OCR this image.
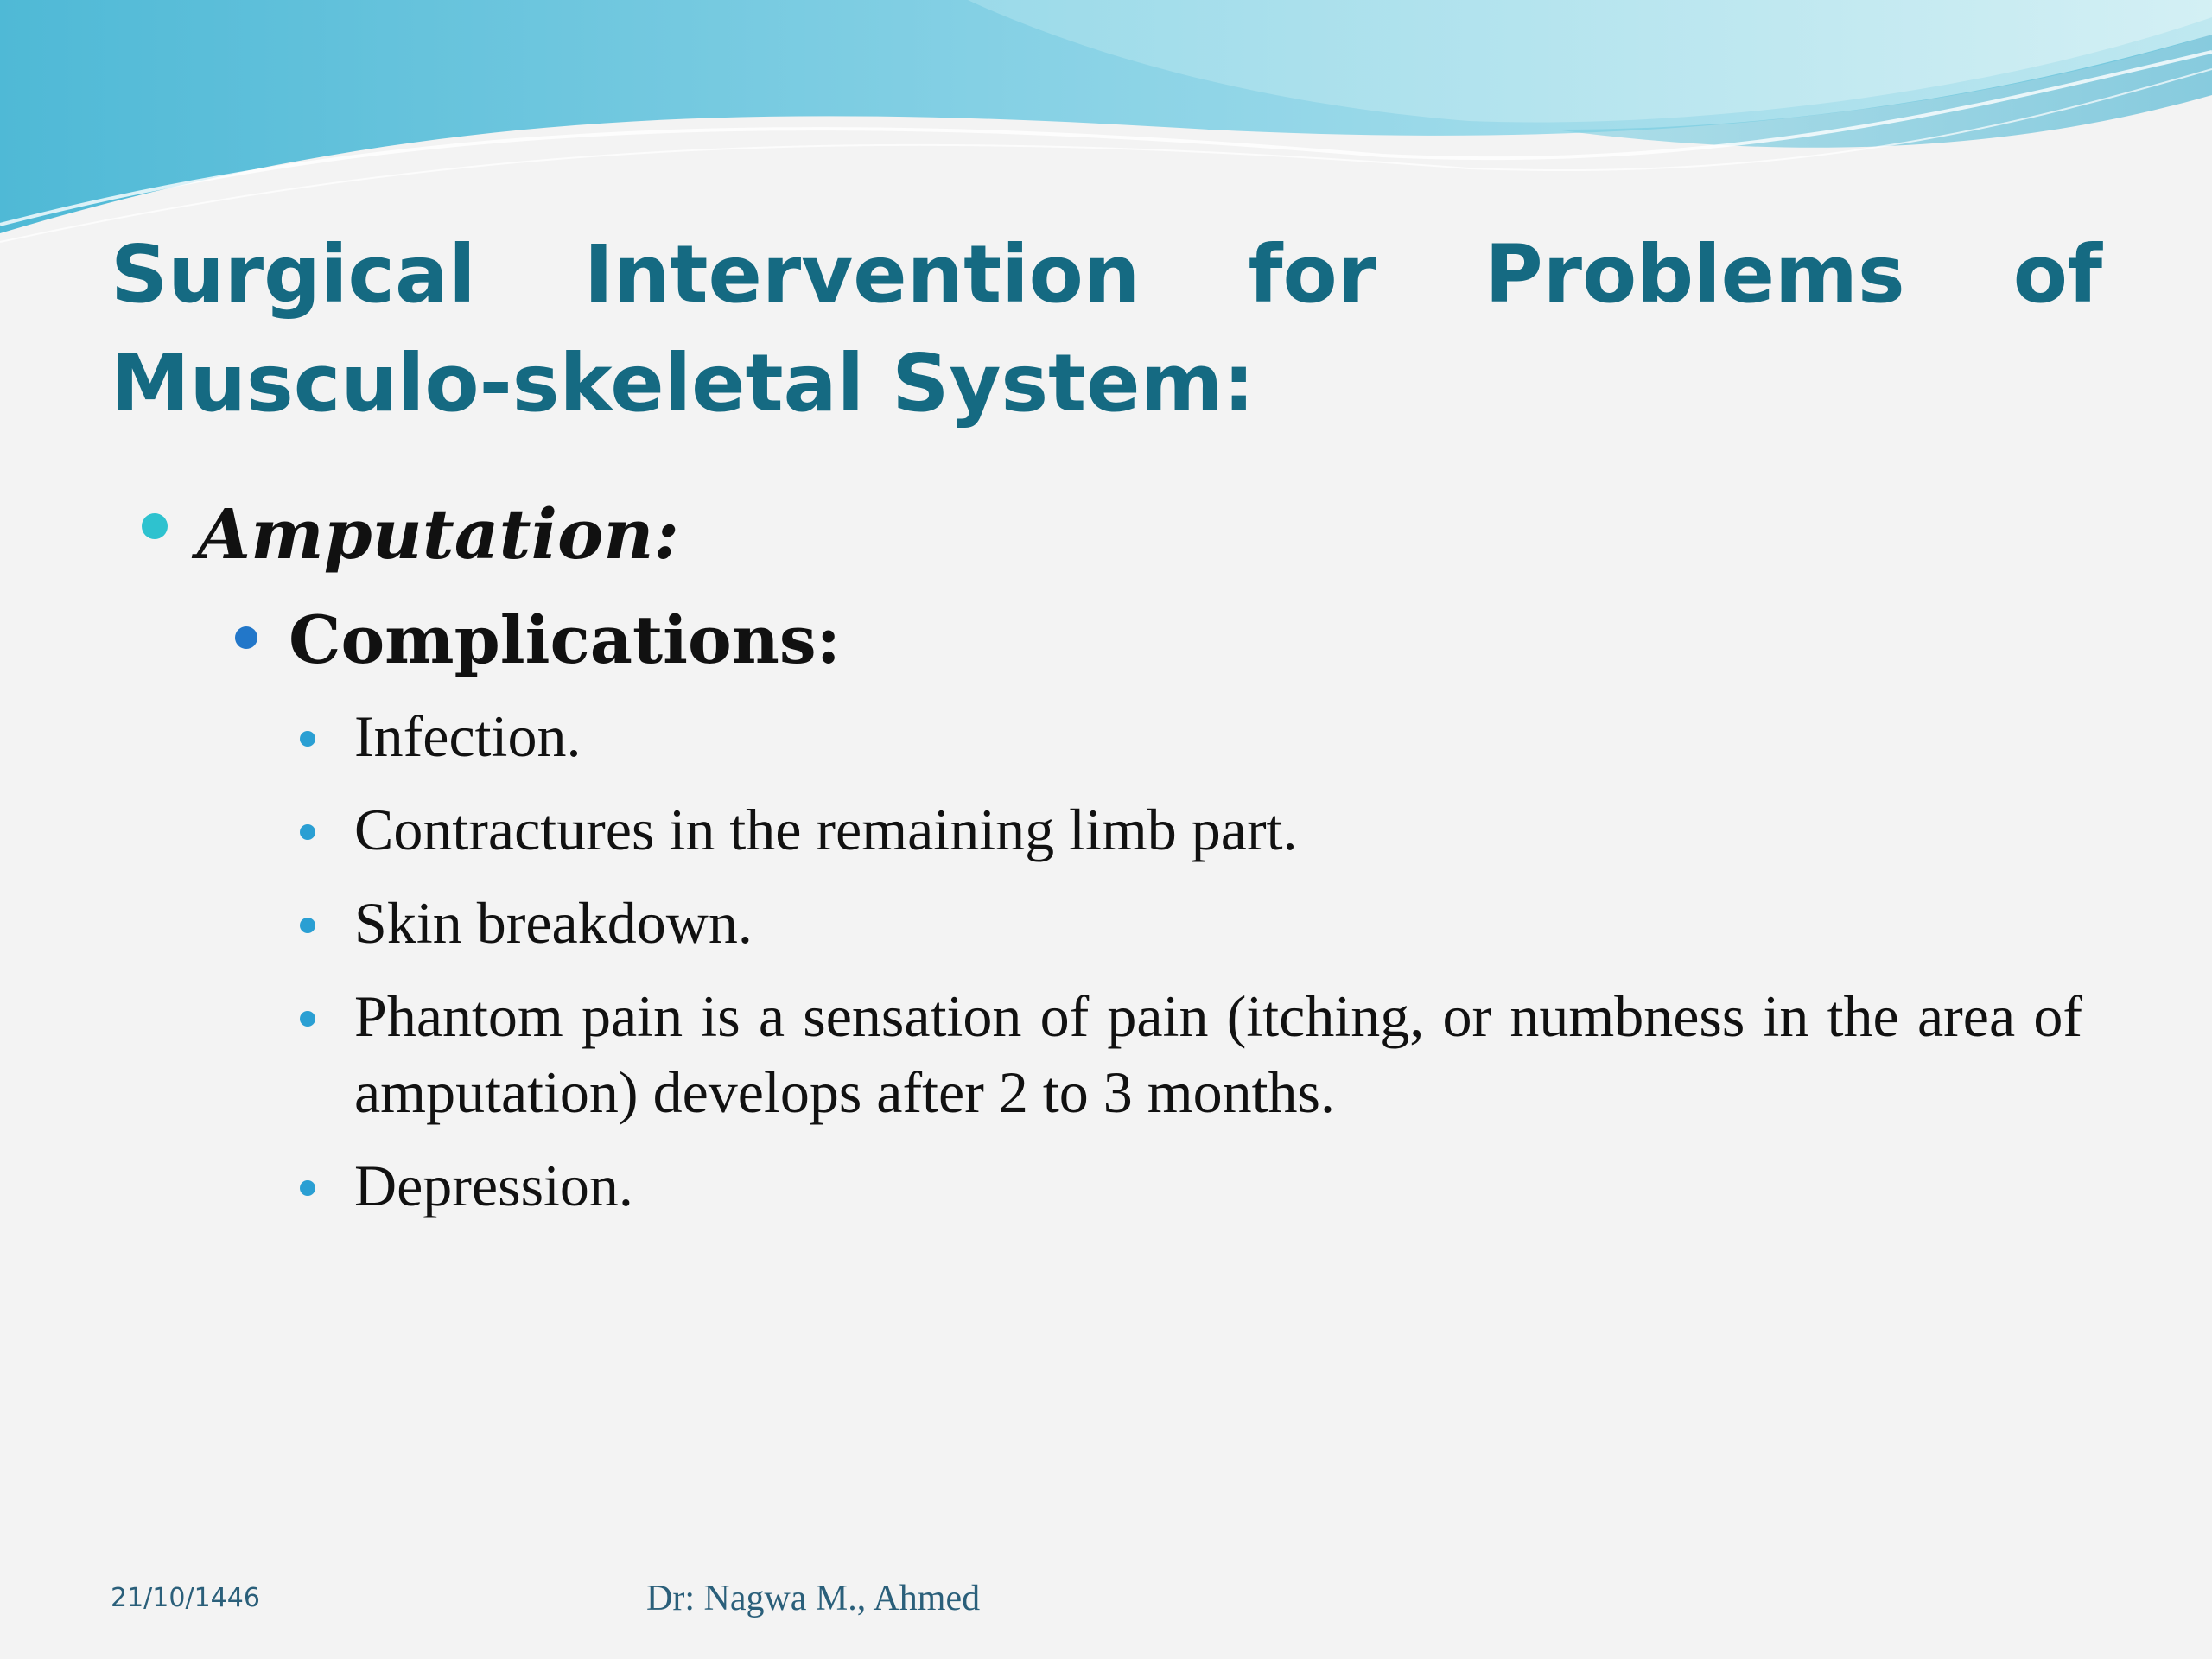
Surgical Intervention for Problems of Musculo-skeletal System:
Amputation:
Complications:
Infection.
Contractures in the remaining limb part.
Skin breakdown.
Phantom pain is a sensation of pain (itching, or numbness in the area of amputation) develops after 2 to 3 months.
Depression.
21/10/1446	Dr: Nagwa M., Ahmed
